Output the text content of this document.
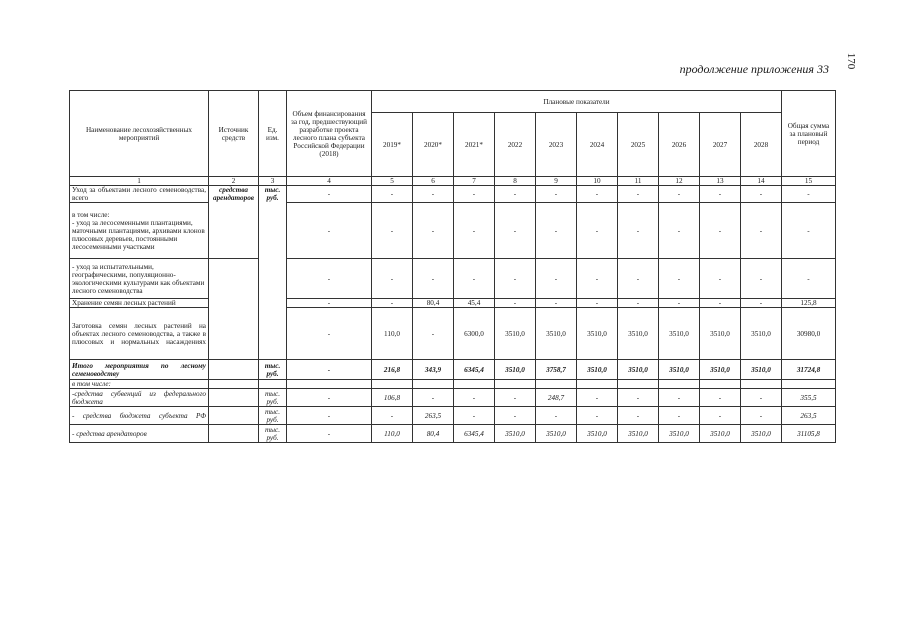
170
продолжение приложения 33
Наименование лесохозяйственных мероприятий	Источник средств	Ед. изм.	Объем финансирования за год, предшествующий разработке проекта лесного плана субъекта Российской Федерации (2018)	Плановые показатели										Общая сумма за плановый период
				2019*	2020*	2021*	2022	2023	2024	2025	2026	2027	2028	
1	2	3	4	5	6	7	8	9	10	11	12	13	14	15
Уход за объектами лесного семеноводства, всего	средства арендаторов	тыс. руб.	-	-	-	-	-	-	-	-	-	-	-	-
в том числе:
- уход за лесосеменными плантациями, маточными плантациями, архивами клонов плюсовых деревьев, постоянными лесосеменными участками			-	-	-	-	-	-	-	-	-	-	-	-
- уход за испытательными, географическими, популяционно-экологическими культурами как объектами лесного семеноводства			-	-	-	-	-	-	-	-	-	-	-	-
Хранение семян лесных растений			-	-	80,4	45,4	-	-	-	-	-	-	-	125,8
Заготовка семян лесных растений на объектах лесного семеноводства, а также в плюсовых и нормальных насаждениях			-	110,0	-	6300,0	3510,0	3510,0	3510,0	3510,0	3510,0	3510,0	3510,0	30980,0
Итого мероприятия по лесному семеноводству		тыс. руб.	-	216,8	343,9	6345,4	3510,0	3758,7	3510,0	3510,0	3510,0	3510,0	3510,0	31724,8
в том числе:														
-средства субвенций из федерального бюджета		тыс. руб.	-	106,8	-	-	-	248,7	-	-	-	-	-	355,5
- средства бюджета субъекта РФ		тыс. руб.	-	-	263,5	-	-	-	-	-	-	-	-	263,5
- средства арендаторов		тыс. руб.	-	110,0	80,4	6345,4	3510,0	3510,0	3510,0	3510,0	3510,0	3510,0	3510,0	31105,8
